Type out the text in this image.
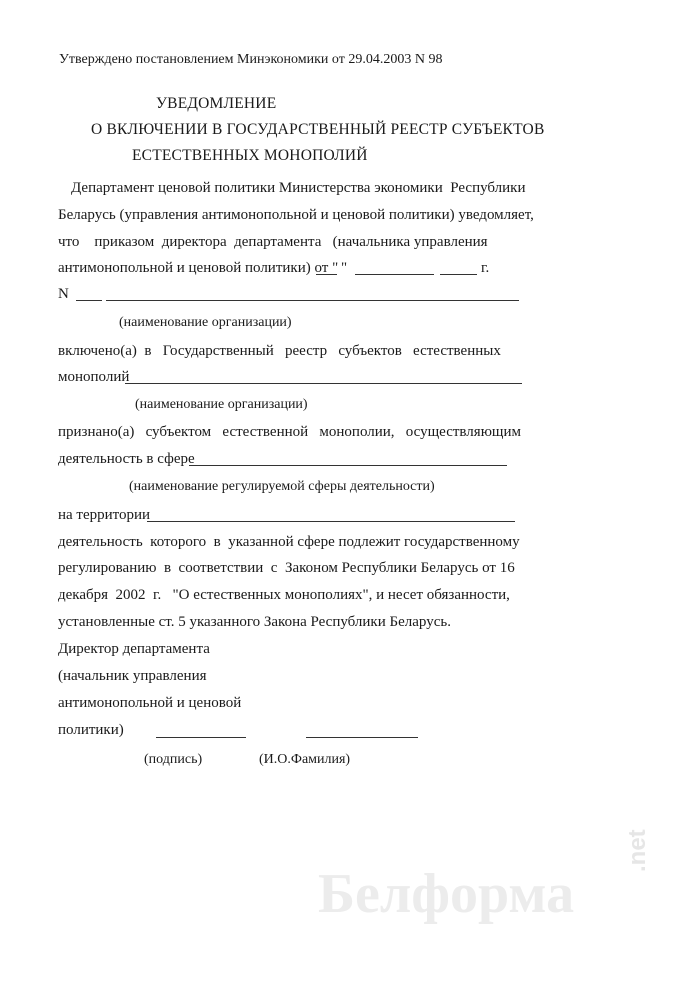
Утверждено постановлением Минэкономики от 29.04.2003 N 98
УВЕДОМЛЕНИЕ
О ВКЛЮЧЕНИИ В ГОСУДАРСТВЕННЫЙ РЕЕСТР СУБЪЕКТОВ
ЕСТЕСТВЕННЫХ МОНОПОЛИЙ
Департамент ценовой политики Министерства экономики  Республики
Беларусь (управления антимонопольной и ценовой политики) уведомляет,
что    приказом  директора  департамента   (начальника управления
антимонопольной и ценовой политики) от " "	г.
N
(наименование организации)
включено(а)  в   Государственный   реестр   субъектов   естественных
монополий
(наименование организации)
признано(а)   субъектом   естественной   монополии,   осуществляющим
деятельность в сфере
(наименование регулируемой сферы деятельности)
на территории
деятельность  которого  в  указанной сфере подлежит государственному
регулированию  в  соответствии  с  Законом Республики Беларусь от 16
декабря  2002  г.   "О естественных монополиях", и несет обязанности,
установленные ст. 5 указанного Закона Республики Беларусь.
Директор департамента
(начальник управления
антимонопольной и ценовой
политики)
(подпись)	(И.О.Фамилия)
Белформа
.net
